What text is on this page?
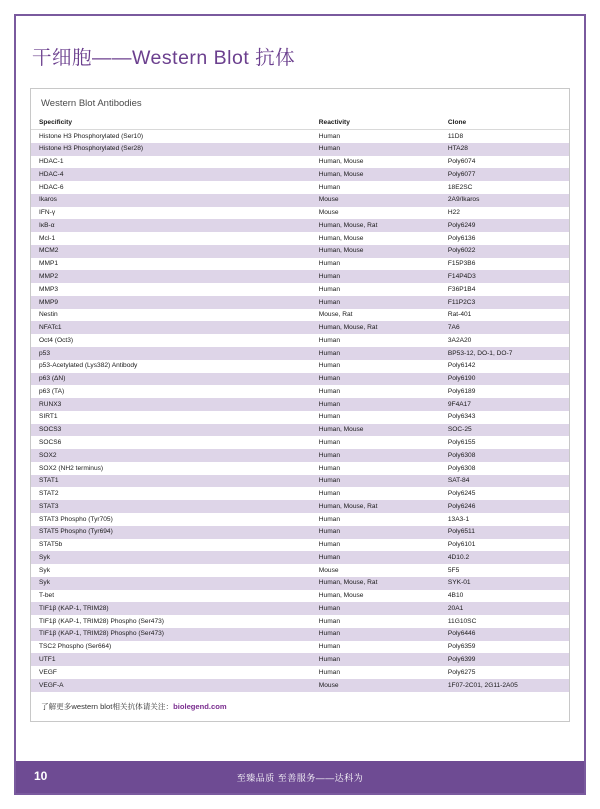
干细胞——Western Blot 抗体
Western Blot Antibodies
Specificity	Reactivity	Clone
Histone H3 Phosphorylated (Ser10)	Human	11D8
Histone H3 Phosphorylated (Ser28)	Human	HTA28
HDAC-1	Human, Mouse	Poly6074
HDAC-4	Human, Mouse	Poly6077
HDAC-6	Human	18E2SC
Ikaros	Mouse	2A9/Ikaros
IFN-γ	Mouse	H22
IκB-α	Human, Mouse, Rat	Poly6249
Mcl-1	Human, Mouse	Poly6136
MCM2	Human, Mouse	Poly6022
MMP1	Human	F15P3B6
MMP2	Human	F14P4D3
MMP3	Human	F36P1B4
MMP9	Human	F11P2C3
Nestin	Mouse, Rat	Rat-401
NFATc1	Human, Mouse, Rat	7A6
Oct4 (Oct3)	Human	3A2A20
p53	Human	BP53-12, DO-1, DO-7
p53-Acetylated (Lys382) Antibody	Human	Poly6142
p63 (ΔN)	Human	Poly6190
p63 (TA)	Human	Poly6189
RUNX3	Human	9F4A17
SIRT1	Human	Poly6343
SOCS3	Human, Mouse	SOC-25
SOCS6	Human	Poly6155
SOX2	Human	Poly6308
SOX2 (NH2 terminus)	Human	Poly6308
STAT1	Human	SAT-84
STAT2	Human	Poly6245
STAT3	Human, Mouse, Rat	Poly6246
STAT3 Phospho (Tyr705)	Human	13A3-1
STAT5 Phospho (Tyr694)	Human	Poly6511
STAT5b	Human	Poly6101
Syk	Human	4D10.2
Syk	Mouse	5F5
Syk	Human, Mouse, Rat	SYK-01
T-bet	Human, Mouse	4B10
TIF1β (KAP-1, TRIM28)	Human	20A1
TIF1β (KAP-1, TRIM28) Phospho (Ser473)	Human	11G10SC
TIF1β (KAP-1, TRIM28) Phospho (Ser473)	Human	Poly6446
TSC2 Phospho (Ser664)	Human	Poly6359
UTF1	Human	Poly6399
VEGF	Human	Poly6275
VEGF-A	Mouse	1F07-2C01, 2G11-2A05
了解更多western blot相关抗体请关注：biolegend.com
10	至臻品质 至善服务——达科为
